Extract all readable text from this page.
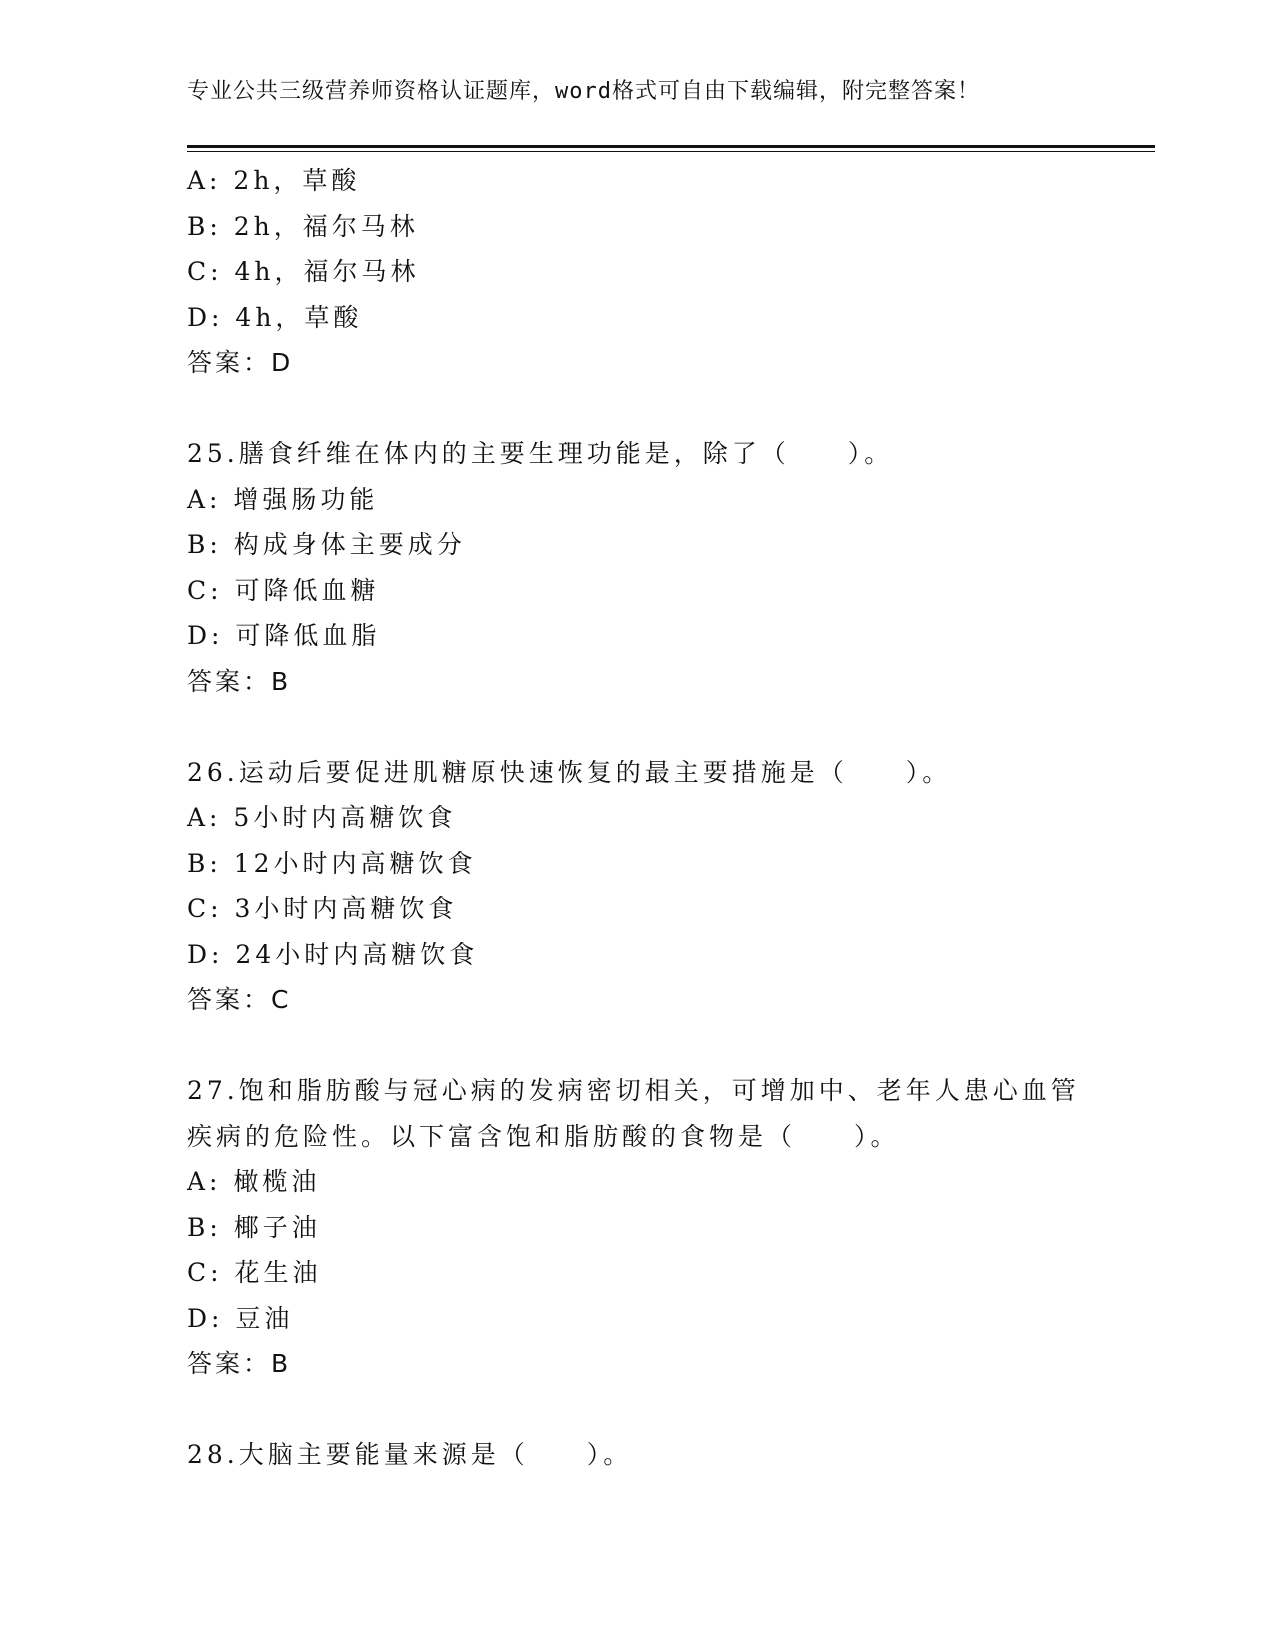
专业公共三级营养师资格认证题库，word格式可自由下载编辑，附完整答案！
A: 2h，草酸
B: 2h，福尔马林
C: 4h，福尔马林
D: 4h，草酸
答案：D
25.膳食纤维在体内的主要生理功能是，除了（　　）。
A: 增强肠功能
B: 构成身体主要成分
C: 可降低血糖
D: 可降低血脂
答案：B
26.运动后要促进肌糖原快速恢复的最主要措施是（　　）。
A: 5小时内高糖饮食
B: 12小时内高糖饮食
C: 3小时内高糖饮食
D: 24小时内高糖饮食
答案：C
27.饱和脂肪酸与冠心病的发病密切相关，可增加中、老年人患心血管
疾病的危险性。以下富含饱和脂肪酸的食物是（　　）。
A: 橄榄油
B: 椰子油
C: 花生油
D: 豆油
答案：B
28.大脑主要能量来源是（　　）。
